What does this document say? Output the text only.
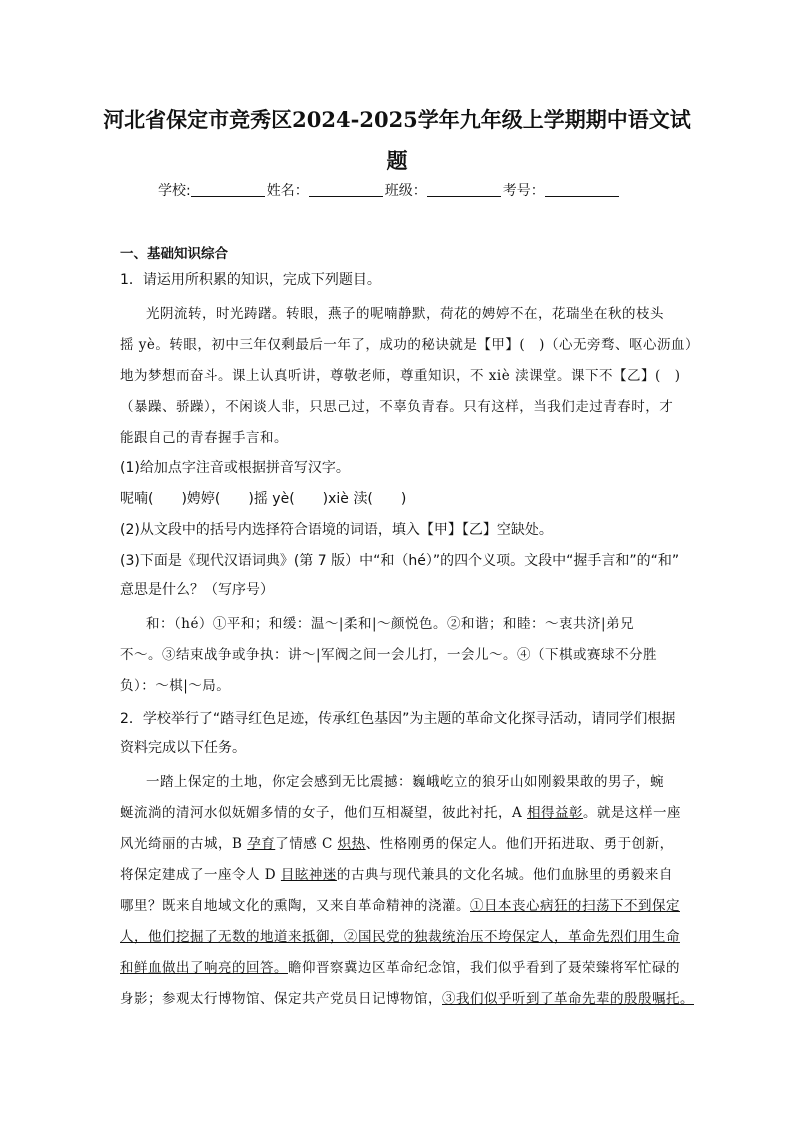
河北省保定市竞秀区2024-2025学年九年级上学期期中语文试
题
学校:	姓名：	班级：	考号：
一、基础知识综合
1．请运用所积累的知识，完成下列题目。
光阴流转，时光踌躇。转眼，燕子的呢喃静默，荷花的娉婷不在，花瑞坐在秋的枝头
摇 yè。转眼，初中三年仅剩最后一年了，成功的秘诀就是【甲】(　)（心无旁骛、呕心沥血）
地为梦想而奋斗。课上认真听讲，尊敬老师，尊重知识，不 xiè 渎课堂。课下不【乙】(　)
（暴躁、骄躁），不闲谈人非，只思己过，不辜负青春。只有这样，当我们走过青春时，才
能跟自己的青春握手言和。
(1)给加点字注音或根据拼音写汉字。
呢喃(　　)娉婷(　　)摇 yè(　　)xiè 渎(　　)
(2)从文段中的括号内选择符合语境的词语，填入【甲】【乙】空缺处。
(3)下面是《现代汉语词典》(第 7 版）中“和（hé）”的四个义项。文段中“握手言和”的“和”
意思是什么？（写序号）
和：（hé）①平和；和缓：温～|柔和|～颜悦色。②和谐；和睦：～衷共济|弟兄
不～。③结束战争或争执：讲～|军阀之间一会儿打，一会儿～。④（下棋或赛球不分胜
负）：～棋|～局。
2．学校举行了“踏寻红色足迹，传承红色基因”为主题的革命文化探寻活动，请同学们根据
资料完成以下任务。
一踏上保定的土地，你定会感到无比震撼：巍峨屹立的狼牙山如刚毅果敢的男子，蜿
蜒流淌的清河水似妩媚多情的女子，他们互相凝望，彼此衬托，A 相得益彰。就是这样一座
风光绮丽的古城，B 孕育了情感 C 炽热、性格刚勇的保定人。他们开拓进取、勇于创新，
将保定建成了一座令人 D 目眩神迷的古典与现代兼具的文化名城。他们血脉里的勇毅来自
哪里？既来自地域文化的熏陶，又来自革命精神的浇灌。①日本丧心病狂的扫荡下不到保定
人，他们挖掘了无数的地道来抵御，②国民党的独裁统治压不垮保定人，革命先烈们用生命
和鲜血做出了响亮的回答。瞻仰晋察冀边区革命纪念馆，我们似乎看到了聂荣臻将军忙碌的
身影；参观太行博物馆、保定共产党员日记博物馆，③我们似乎听到了革命先辈的殷殷嘱托。
